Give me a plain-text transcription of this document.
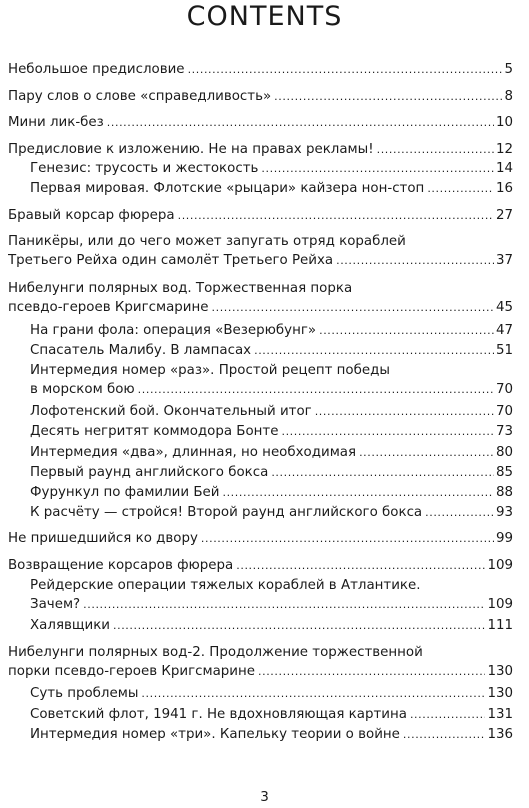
CONTENTS
Небольшое предисловие .....	5
Пару слов о слове «справедливость» .....	8
Мини лик-без .....	10
Предисловие к изложению. Не на правах рекламы! .....	12
Генезис: трусость и жестокость .....	14
Первая мировая. Флотские «рыцари» кайзера нон-стоп .....	16
Бравый корсар фюрера .....	27
Паникёры, или до чего может запугать отряд кораблей
Третьего Рейха один самолёт Третьего Рейха .....	37
Нибелунги полярных вод. Торжественная порка
псевдо-героев Кригсмарине .....	45
На грани фола: операция «Везерюбунг» .....	47
Спасатель Малибу. В лампасах .....	51
Интермедия номер «раз». Простой рецепт победы
в морском бою .....	70
Лофотенский бой. Окончательный итог .....	70
Десять негритят коммодора Бонте .....	73
Интермедия «два», длинная, но необходимая .....	80
Первый раунд английского бокса .....	85
Фурункул по фамилии Бей .....	88
К расчёту — стройся! Второй раунд английского бокса .....	93
Не пришедшийся ко двору .....	99
Возвращение корсаров фюрера .....	109
Рейдерские операции тяжелых кораблей в Атлантике.
Зачем? .....	109
Халявщики .....	111
Нибелунги полярных вод-2. Продолжение торжественной
порки псевдо-героев Кригсмарине .....	130
Суть проблемы .....	130
Советский флот, 1941 г. Не вдохновляющая картина .....	131
Интермедия номер «три». Капельку теории о войне .....	136
3
